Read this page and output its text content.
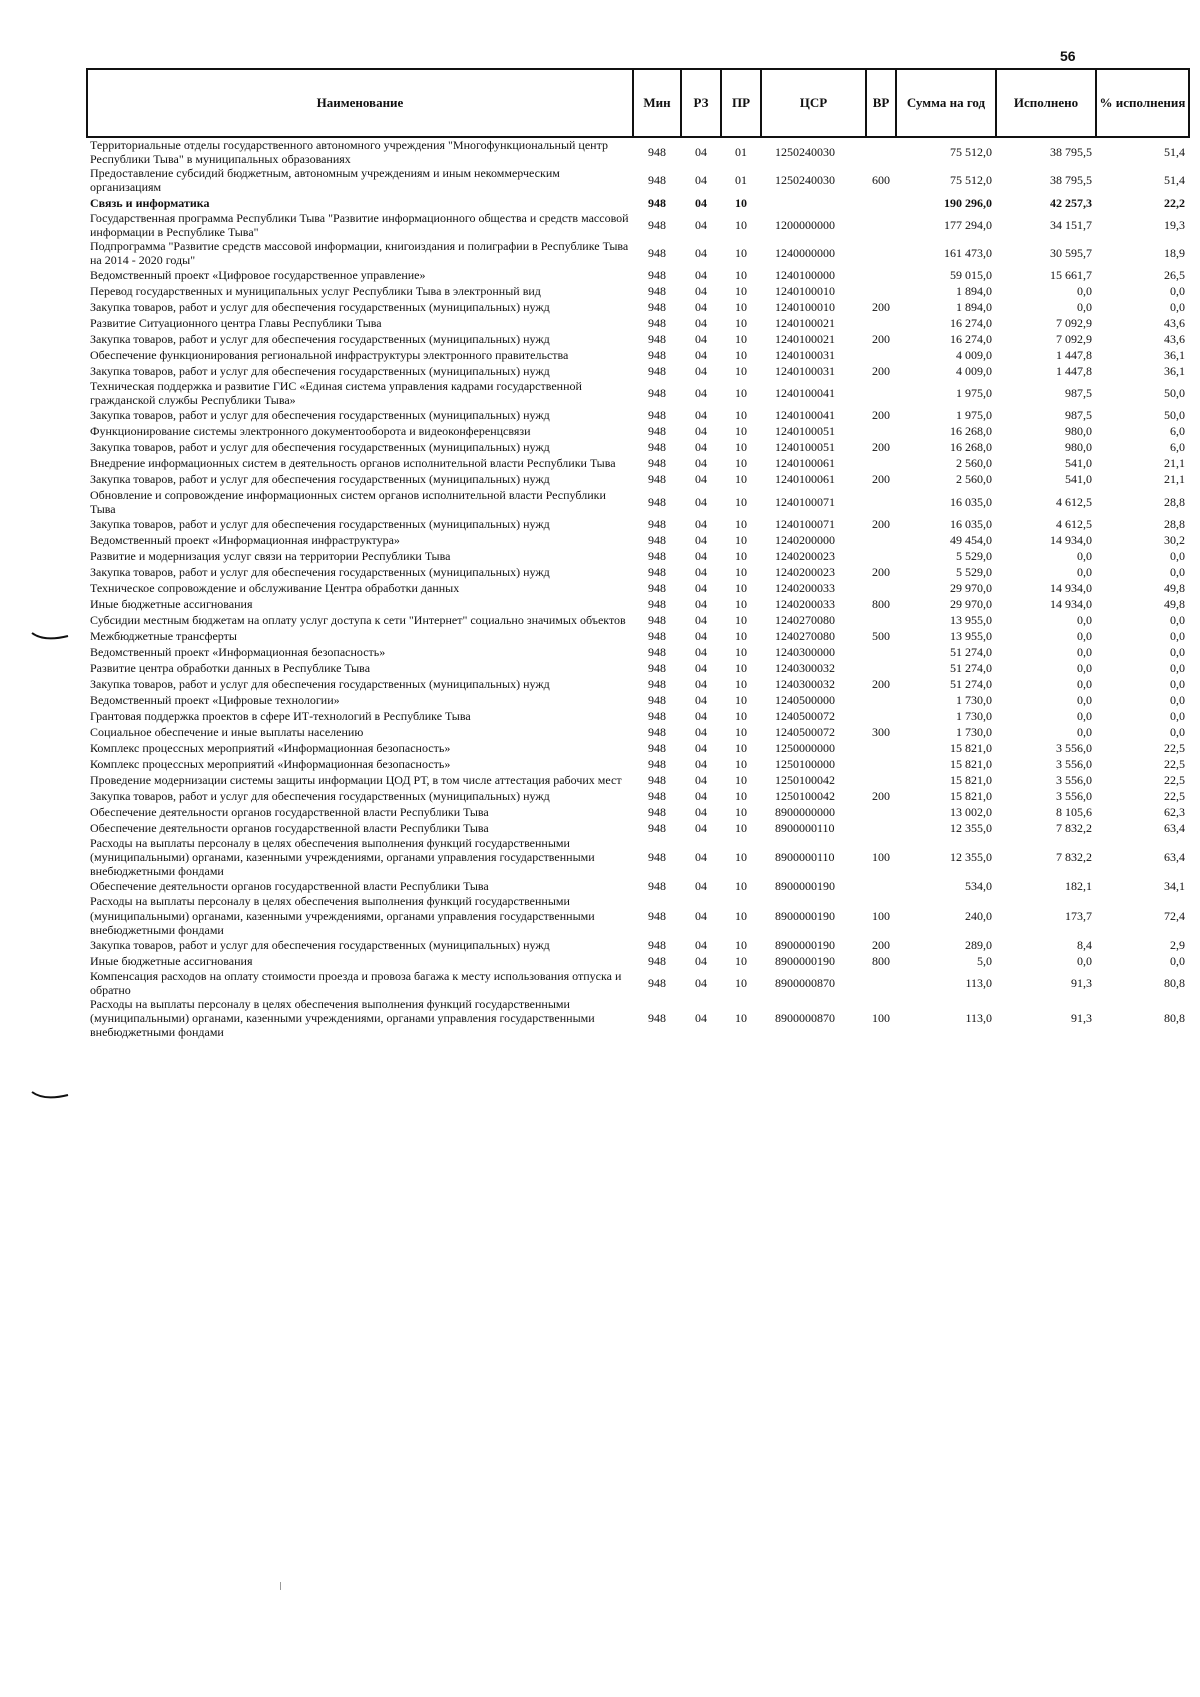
56
Наименование	Мин	РЗ	ПР	ЦСР	ВР	Сумма на год	Исполнено	% исполнения
Территориальные отделы государственного автономного учреждения "Многофункциональный центр Республики Тыва" в муниципальных образованиях	948	04	01	1250240030		75 512,0	38 795,5	51,4
Предоставление субсидий бюджетным, автономным учреждениям и иным некоммерческим организациям	948	04	01	1250240030	600	75 512,0	38 795,5	51,4
Связь и информатика	948	04	10			190 296,0	42 257,3	22,2
Государственная программа Республики Тыва "Развитие информационного общества и средств массовой информации в Республике Тыва"	948	04	10	1200000000		177 294,0	34 151,7	19,3
Подпрограмма "Развитие средств массовой информации, книгоиздания и полиграфии в Республике Тыва на 2014 - 2020 годы"	948	04	10	1240000000		161 473,0	30 595,7	18,9
Ведомственный проект «Цифровое государственное управление»	948	04	10	1240100000		59 015,0	15 661,7	26,5
Перевод государственных и муниципальных услуг Республики Тыва в электронный вид	948	04	10	1240100010		1 894,0	0,0	0,0
Закупка товаров, работ и услуг для обеспечения государственных (муниципальных) нужд	948	04	10	1240100010	200	1 894,0	0,0	0,0
Развитие Ситуационного центра Главы Республики Тыва	948	04	10	1240100021		16 274,0	7 092,9	43,6
Закупка товаров, работ и услуг для обеспечения государственных (муниципальных) нужд	948	04	10	1240100021	200	16 274,0	7 092,9	43,6
Обеспечение функционирования региональной инфраструктуры электронного правительства	948	04	10	1240100031		4 009,0	1 447,8	36,1
Закупка товаров, работ и услуг для обеспечения государственных (муниципальных) нужд	948	04	10	1240100031	200	4 009,0	1 447,8	36,1
Техническая поддержка и развитие ГИС «Единая система управления кадрами государственной гражданской службы Республики Тыва»	948	04	10	1240100041		1 975,0	987,5	50,0
Закупка товаров, работ и услуг для обеспечения государственных (муниципальных) нужд	948	04	10	1240100041	200	1 975,0	987,5	50,0
Функционирование системы электронного документооборота и видеоконференцсвязи	948	04	10	1240100051		16 268,0	980,0	6,0
Закупка товаров, работ и услуг для обеспечения государственных (муниципальных) нужд	948	04	10	1240100051	200	16 268,0	980,0	6,0
Внедрение информационных систем в деятельность органов исполнительной власти Республики Тыва	948	04	10	1240100061		2 560,0	541,0	21,1
Закупка товаров, работ и услуг для обеспечения государственных (муниципальных) нужд	948	04	10	1240100061	200	2 560,0	541,0	21,1
Обновление и сопровождение информационных систем органов исполнительной власти Республики Тыва	948	04	10	1240100071		16 035,0	4 612,5	28,8
Закупка товаров, работ и услуг для обеспечения государственных (муниципальных) нужд	948	04	10	1240100071	200	16 035,0	4 612,5	28,8
Ведомственный проект «Информационная инфраструктура»	948	04	10	1240200000		49 454,0	14 934,0	30,2
Развитие и модернизация услуг связи на территории Республики Тыва	948	04	10	1240200023		5 529,0	0,0	0,0
Закупка товаров, работ и услуг для обеспечения государственных (муниципальных) нужд	948	04	10	1240200023	200	5 529,0	0,0	0,0
Техническое сопровождение и обслуживание Центра обработки данных	948	04	10	1240200033		29 970,0	14 934,0	49,8
Иные бюджетные ассигнования	948	04	10	1240200033	800	29 970,0	14 934,0	49,8
Субсидии местным бюджетам на оплату услуг доступа к сети "Интернет" социально значимых объектов	948	04	10	1240270080		13 955,0	0,0	0,0
Межбюджетные трансферты	948	04	10	1240270080	500	13 955,0	0,0	0,0
Ведомственный проект «Информационная безопасность»	948	04	10	1240300000		51 274,0	0,0	0,0
Развитие центра обработки данных в Республике Тыва	948	04	10	1240300032		51 274,0	0,0	0,0
Закупка товаров, работ и услуг для обеспечения государственных (муниципальных) нужд	948	04	10	1240300032	200	51 274,0	0,0	0,0
Ведомственный проект «Цифровые технологии»	948	04	10	1240500000		1 730,0	0,0	0,0
Грантовая поддержка проектов в сфере ИТ-технологий в Республике Тыва	948	04	10	1240500072		1 730,0	0,0	0,0
Социальное обеспечение и иные выплаты населению	948	04	10	1240500072	300	1 730,0	0,0	0,0
Комплекс процессных мероприятий «Информационная безопасность»	948	04	10	1250000000		15 821,0	3 556,0	22,5
Комплекс процессных мероприятий «Информационная безопасность»	948	04	10	1250100000		15 821,0	3 556,0	22,5
Проведение модернизации системы защиты информации ЦОД РТ, в том числе аттестация рабочих мест	948	04	10	1250100042		15 821,0	3 556,0	22,5
Закупка товаров, работ и услуг для обеспечения государственных (муниципальных) нужд	948	04	10	1250100042	200	15 821,0	3 556,0	22,5
Обеспечение деятельности органов государственной власти Республики Тыва	948	04	10	8900000000		13 002,0	8 105,6	62,3
Обеспечение деятельности органов государственной власти Республики Тыва	948	04	10	8900000110		12 355,0	7 832,2	63,4
Расходы на выплаты персоналу в целях обеспечения выполнения функций государственными (муниципальными) органами, казенными учреждениями, органами управления государственными внебюджетными фондами	948	04	10	8900000110	100	12 355,0	7 832,2	63,4
Обеспечение деятельности органов государственной власти Республики Тыва	948	04	10	8900000190		534,0	182,1	34,1
Расходы на выплаты персоналу в целях обеспечения выполнения функций государственными (муниципальными) органами, казенными учреждениями, органами управления государственными внебюджетными фондами	948	04	10	8900000190	100	240,0	173,7	72,4
Закупка товаров, работ и услуг для обеспечения государственных (муниципальных) нужд	948	04	10	8900000190	200	289,0	8,4	2,9
Иные бюджетные ассигнования	948	04	10	8900000190	800	5,0	0,0	0,0
Компенсация расходов на оплату стоимости проезда и провоза багажа к месту использования отпуска и обратно	948	04	10	8900000870		113,0	91,3	80,8
Расходы на выплаты персоналу в целях обеспечения выполнения функций государственными (муниципальными) органами, казенными учреждениями, органами управления государственными внебюджетными фондами	948	04	10	8900000870	100	113,0	91,3	80,8
